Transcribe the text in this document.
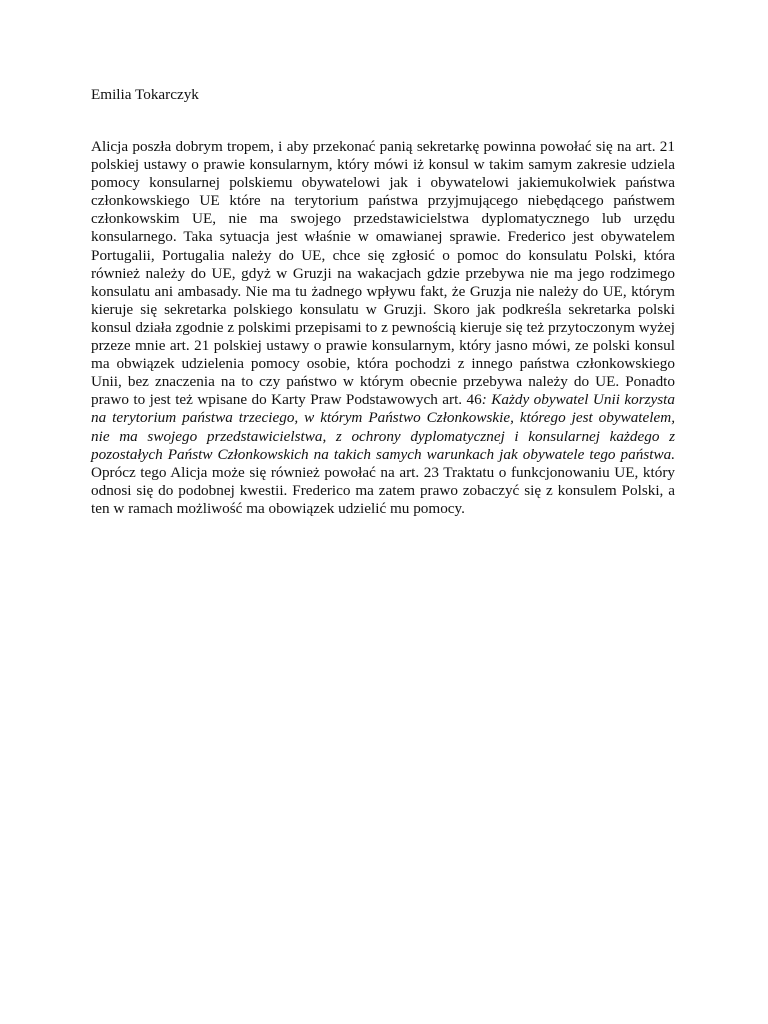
Emilia Tokarczyk

Alicja poszła dobrym tropem, i aby przekonać panią sekretarkę powinna powołać się na art. 21 polskiej ustawy o prawie konsularnym, który mówi iż konsul w takim samym zakresie udziela pomocy konsularnej polskiemu obywatelowi jak i obywatelowi jakiemukolwiek państwa członkowskiego UE które na terytorium państwa przyjmującego niebędącego państwem członkowskim UE, nie ma swojego przedstawicielstwa dyplomatycznego lub urzędu konsularnego. Taka sytuacja jest właśnie w omawianej sprawie. Frederico jest obywatelem Portugalii, Portugalia należy do UE, chce się zgłosić o pomoc do konsulatu Polski, która również należy do UE, gdyż w Gruzji na wakacjach gdzie przebywa nie ma jego rodzimego konsulatu ani ambasady. Nie ma tu żadnego wpływu fakt, że Gruzja nie należy do UE, którym kieruje się sekretarka polskiego konsulatu w Gruzji. Skoro jak podkreśla sekretarka polski konsul działa zgodnie z polskimi przepisami to z pewnością kieruje się też przytoczonym wyżej przeze mnie art. 21 polskiej ustawy o prawie konsularnym, który jasno mówi, ze polski konsul ma obwiązek udzielenia pomocy osobie, która pochodzi z innego państwa członkowskiego Unii, bez znaczenia na to czy państwo w którym obecnie przebywa należy do UE. Ponadto prawo to jest też wpisane do Karty Praw Podstawowych art. 46: Każdy obywatel Unii korzysta na terytorium państwa trzeciego, w którym Państwo Członkowskie, którego jest obywatelem, nie ma swojego przedstawicielstwa, z ochrony dyplomatycznej i konsularnej każdego z pozostałych Państw Członkowskich na takich samych warunkach jak obywatele tego państwa. Oprócz tego Alicja może się również powołać na art. 23 Traktatu o funkcjonowaniu UE, który odnosi się do podobnej kwestii. Frederico ma zatem prawo zobaczyć się z konsulem Polski, a ten w ramach możliwość ma obowiązek udzielić mu pomocy.
